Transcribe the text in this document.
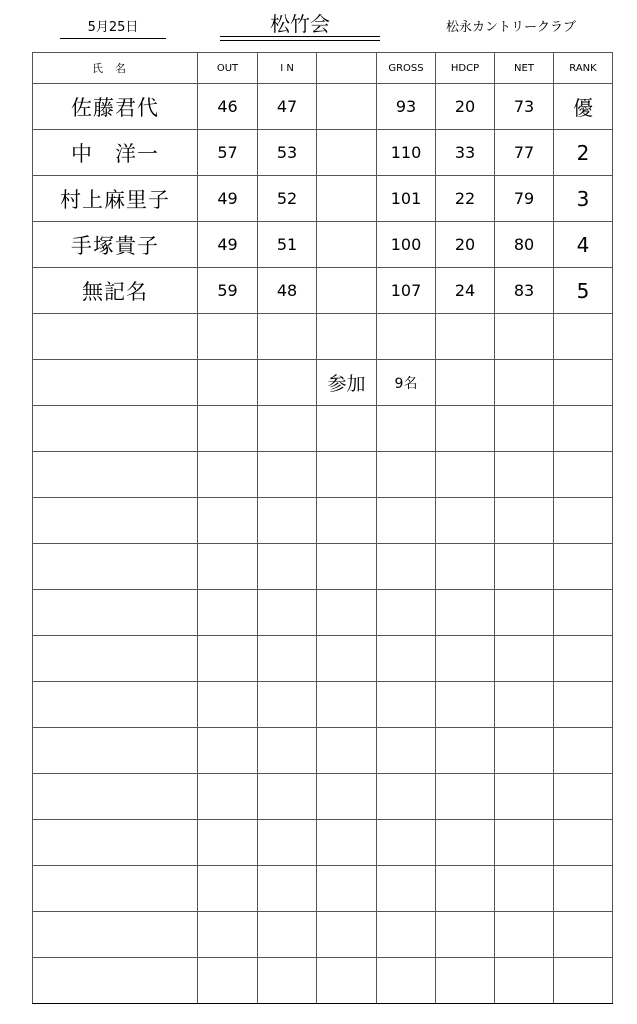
5月25日	松竹会	松永カントリークラブ
氏名	OUT	I N		GROSS	HDCP	NET	RANK
佐藤君代	46	47		93	20	73	優
中　洋一	57	53		110	33	77	2
村上麻里子	49	52		101	22	79	3
手塚貴子	49	51		100	20	80	4
無記名	59	48		107	24	83	5

			参加	9名			
